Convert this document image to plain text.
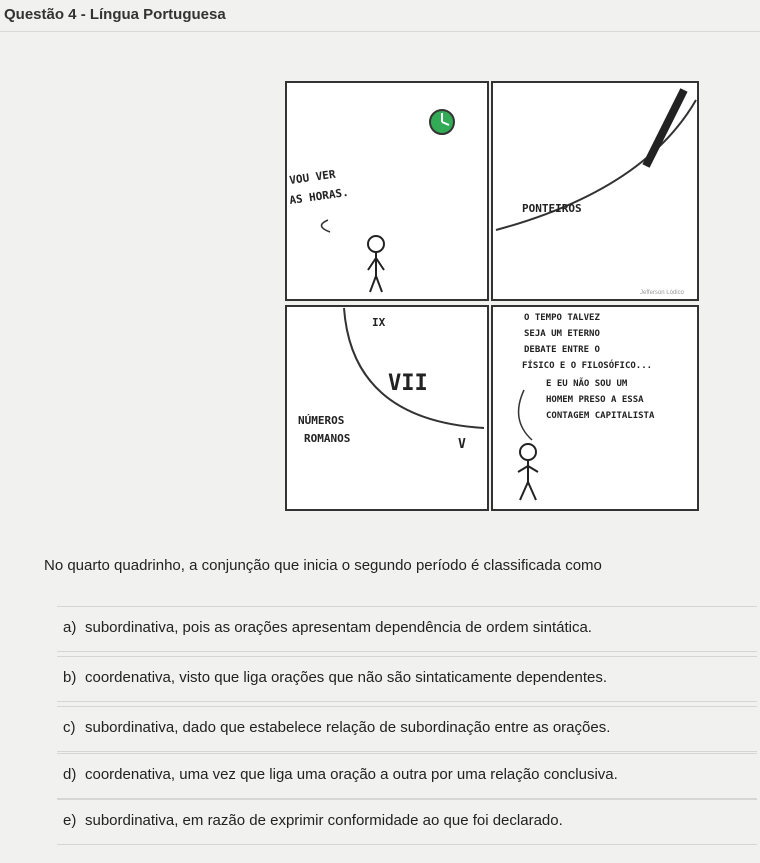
Questão 4 - Língua Portuguesa
VOU VER
AS HORAS.
PONTEIROS
Jefferson Lódico
IX
VII
V
NÚMEROS
ROMANOS
O TEMPO TALVEZ
SEJA UM ETERNO
DEBATE ENTRE O
FÍSICO E O FILOSÓFICO...
E EU NÃO SOU UM
HOMEM PRESO A ESSA
CONTAGEM CAPITALISTA
No quarto quadrinho, a conjunção que inicia o segundo período é classificada como
a) subordinativa, pois as orações apresentam dependência de ordem sintática.
b) coordenativa, visto que liga orações que não são sintaticamente dependentes.
c) subordinativa, dado que estabelece relação de subordinação entre as orações.
d) coordenativa, uma vez que liga uma oração a outra por uma relação conclusiva.
e) subordinativa, em razão de exprimir conformidade ao que foi declarado.
